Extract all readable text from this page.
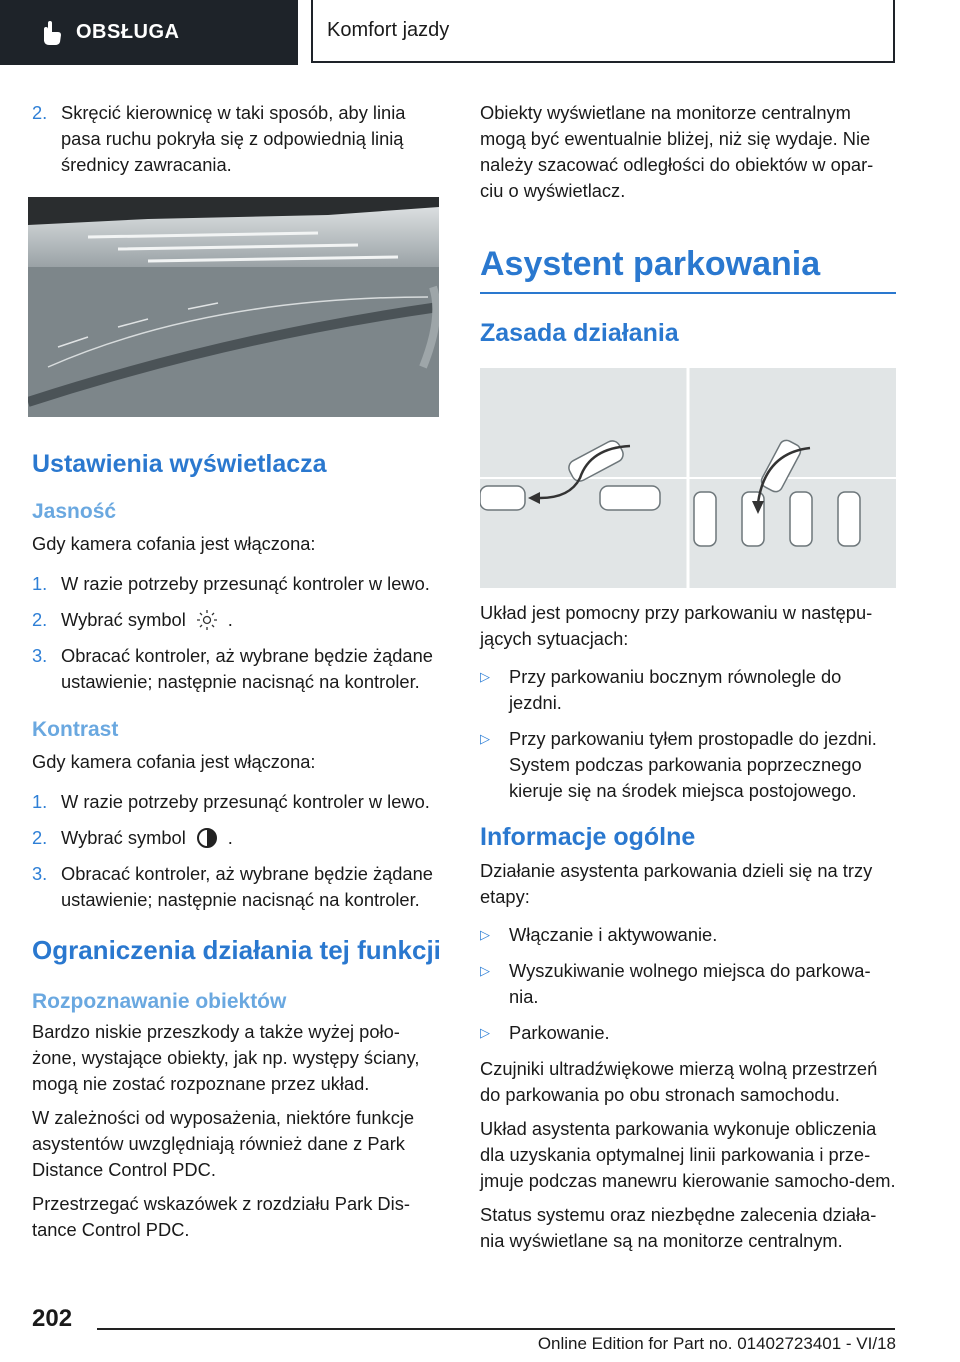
OBSŁUGA	Komfort jazdy
2. Skręcić kierownicę w taki sposób, aby linia pasa ruchu pokryła się z odpowiednią linią średnicy zawracania.
Ustawienia wyświetlacza
Jasność

Gdy kamera cofania jest włączona:

1. W razie potrzeby przesunąć kontroler w lewo.
2. Wybrać symbol .
3. Obracać kontroler, aż wybrane będzie żądane ustawienie; następnie nacisnąć na kontroler.
Kontrast

Gdy kamera cofania jest włączona:

1. W razie potrzeby przesunąć kontroler w lewo.
2. Wybrać symbol .
3. Obracać kontroler, aż wybrane będzie żądane ustawienie; następnie nacisnąć na kontroler.
Ograniczenia działania tej funkcji
Rozpoznawanie obiektów

Bardzo niskie przeszkody a także wyżej poło-żone, wystające obiekty, jak np. występy ściany, mogą nie zostać rozpoznane przez układ.

W zależności od wyposażenia, niektóre funkcje asystentów uwzględniają również dane z Park Distance Control PDC.

Przestrzegać wskazówek z rozdziału Park Dis-tance Control PDC.

Obiekty wyświetlane na monitorze centralnym mogą być ewentualnie bliżej, niż się wydaje. Nie należy szacować odległości do obiektów w opar-ciu o wyświetlacz.

Asystent parkowania
Zasada działania

Układ jest pomocny przy parkowaniu w następu-jących sytuacjach:

▷	Przy parkowaniu bocznym równolegle do jezdni.
▷	Przy parkowaniu tyłem prostopadle do jezdni. System podczas parkowania poprzecznego kieruje się na środek miejsca postojowego.
Informacje ogólne

Działanie asystenta parkowania dzieli się na trzy etapy:

▷	Włączanie i aktywowanie.
▷	Wyszukiwanie wolnego miejsca do parkowa-nia.
▷	Parkowanie.

Czujniki ultradźwiękowe mierzą wolną przestrzeń do parkowania po obu stronach samochodu.

Układ asystenta parkowania wykonuje obliczenia dla uzyskania optymalnej linii parkowania i prze-jmuje podczas manewru kierowanie samocho-dem.

Status systemu oraz niezbędne zalecenia działa-nia wyświetlane są na monitorze centralnym.

202
Online Edition for Part no. 01402723401 - VI/18
